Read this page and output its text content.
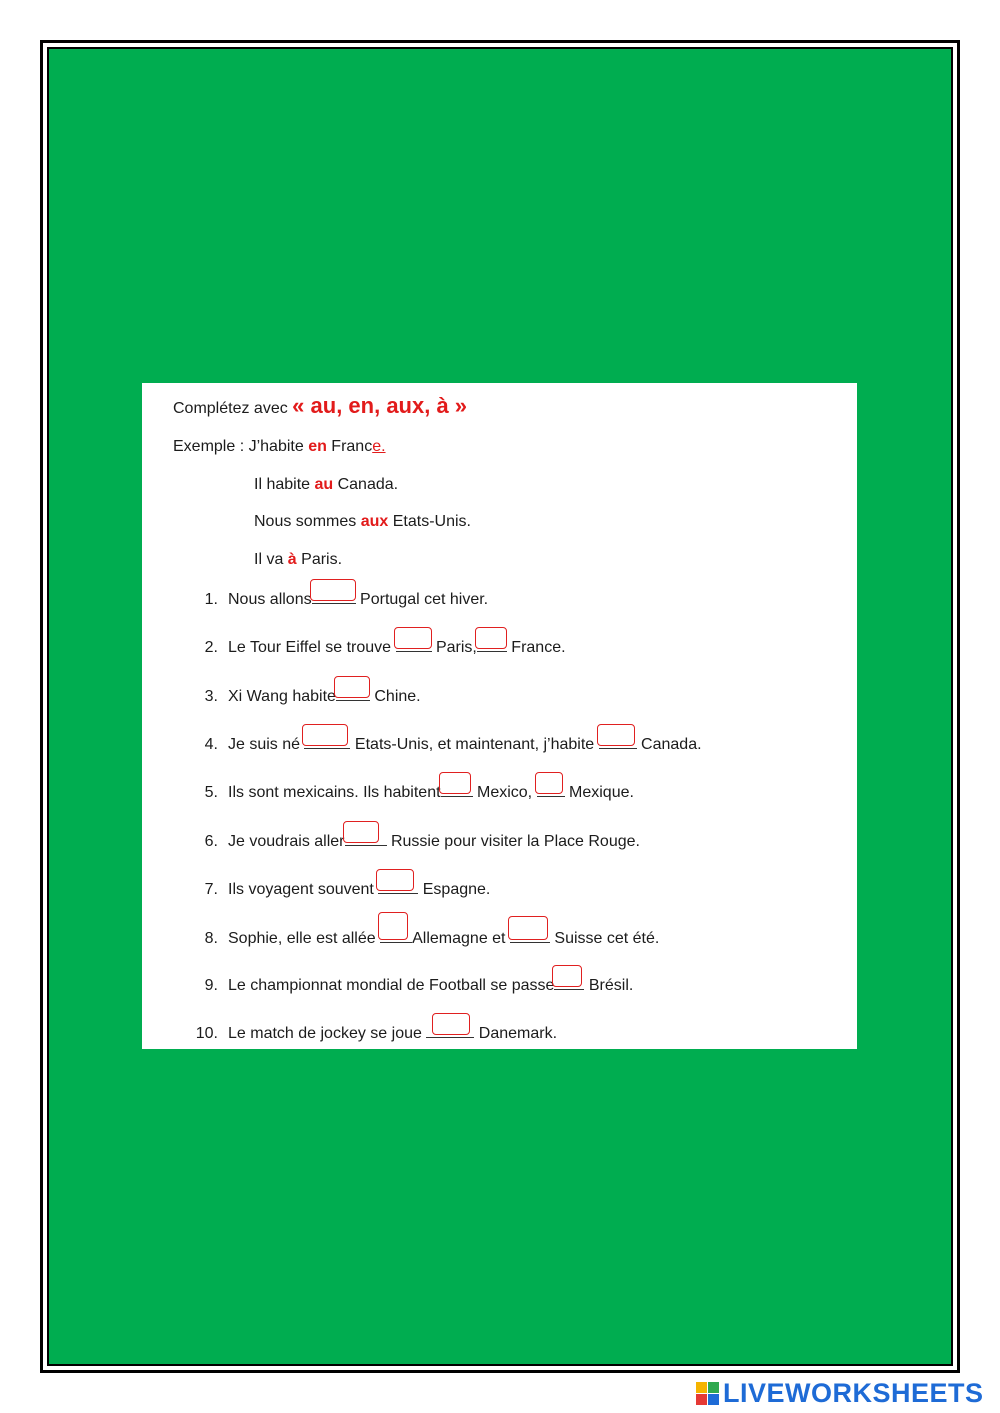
Complétez avec « au, en, aux, à »
Exemple : J’habite en France.
Il habite au Canada.
Nous sommes aux Etats-Unis.
Il va à Paris.
1. Nous allons	Portugal cet hiver.
2. Le Tour Eiffel se trouve
Paris,
France.
3. Xi Wang habite
Chine.
4. Je suis né	Etats-Unis, et maintenant, j’habite
Canada.
5. Ils sont mexicains. Ils habitent
Mexico,
Mexique.
6. Je voudrais aller	Russie pour visiter la Place Rouge.
7. Ils voyagent souvent	Espagne.
8. Sophie, elle est allée
Allemagne et	Suisse cet été.
9. Le championnat mondial de Football se passe
Brésil.
10. Le match de jockey se joue	Danemark.
LIVEWORKSHEETS
